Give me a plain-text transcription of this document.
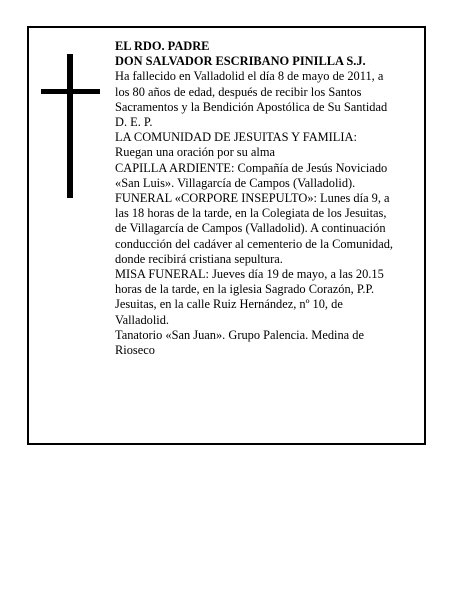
EL RDO. PADRE
DON SALVADOR ESCRIBANO PINILLA S.J.
Ha fallecido en Valladolid el día 8 de mayo de 2011, a
los 80 años de edad, después de recibir los Santos
Sacramentos y la Bendición Apostólica de Su Santidad
D. E. P.
LA COMUNIDAD DE JESUITAS Y FAMILIA:
Ruegan una oración por su alma
CAPILLA ARDIENTE: Compañía de Jesús Noviciado
«San Luis». Villagarcía de Campos (Valladolid).
FUNERAL «CORPORE INSEPULTO»: Lunes día 9, a
las 18 horas de la tarde, en la Colegiata de los Jesuitas,
de Villagarcía de Campos (Valladolid). A continuación
conducción del cadáver al cementerio de la Comunidad,
donde recibirá cristiana sepultura.
MISA FUNERAL: Jueves día 19 de mayo, a las 20.15
horas de la tarde, en la iglesia Sagrado Corazón, P.P.
Jesuitas, en la calle Ruiz Hernández, nº 10, de
Valladolid.
Tanatorio «San Juan». Grupo Palencia. Medina de
Rioseco
